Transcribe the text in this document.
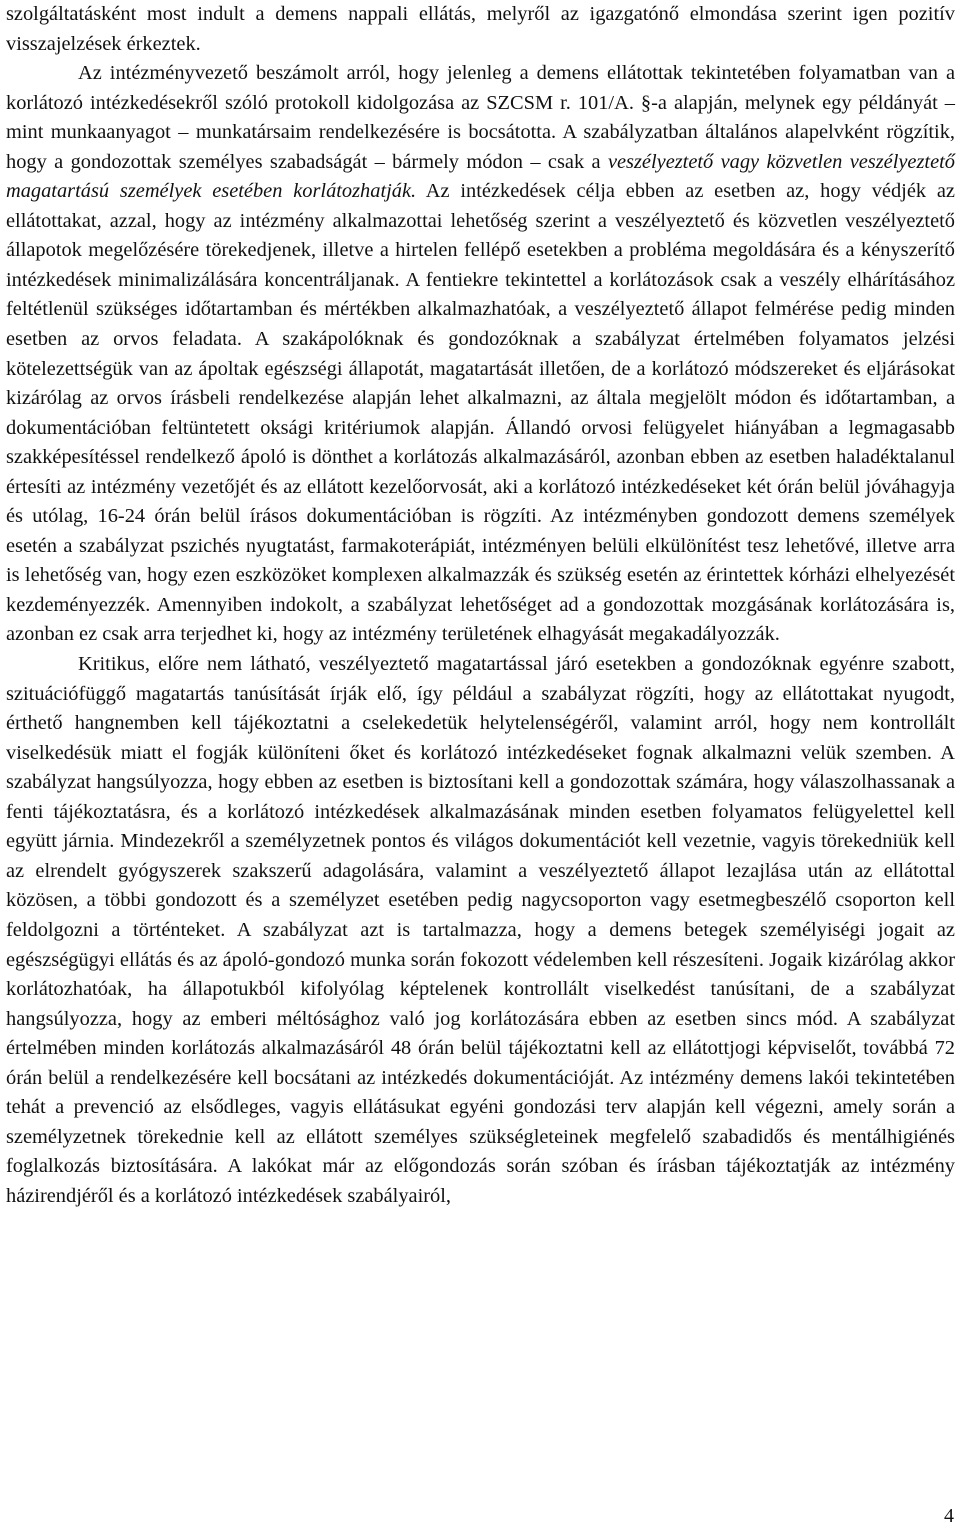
szolgáltatásként most indult a demens nappali ellátás, melyről az igazgatónő elmondása szerint igen pozitív visszajelzések érkeztek.

Az intézményvezető beszámolt arról, hogy jelenleg a demens ellátottak tekintetében folyamatban van a korlátozó intézkedésekről szóló protokoll kidolgozása az SZCSM r. 101/A. §-a alapján, melynek egy példányát – mint munkaanyagot – munkatársaim rendelkezésére is bocsátotta. A szabályzatban általános alapelvként rögzítik, hogy a gondozottak személyes szabadságát – bármely módon – csak a veszélyeztető vagy közvetlen veszélyeztető magatartású személyek esetében korlátozhatják. Az intézkedések célja ebben az esetben az, hogy védjék az ellátottakat, azzal, hogy az intézmény alkalmazottai lehetőség szerint a veszélyeztető és közvetlen veszélyeztető állapotok megelőzésére törekedjenek, illetve a hirtelen fellépő esetekben a probléma megoldására és a kényszerítő intézkedések minimalizálására koncentráljanak. A fentiekre tekintettel a korlátozások csak a veszély elhárításához feltétlenül szükséges időtartamban és mértékben alkalmazhatóak, a veszélyeztető állapot felmérése pedig minden esetben az orvos feladata. A szakápolóknak és gondozóknak a szabályzat értelmében folyamatos jelzési kötelezettségük van az ápoltak egészségi állapotát, magatartását illetően, de a korlátozó módszereket és eljárásokat kizárólag az orvos írásbeli rendelkezése alapján lehet alkalmazni, az általa megjelölt módon és időtartamban, a dokumentációban feltüntetett oksági kritériumok alapján. Állandó orvosi felügyelet hiányában a legmagasabb szakképesítéssel rendelkező ápoló is dönthet a korlátozás alkalmazásáról, azonban ebben az esetben haladéktalanul értesíti az intézmény vezetőjét és az ellátott kezelőorvosát, aki a korlátozó intézkedéseket két órán belül jóváhagyja és utólag, 16-24 órán belül írásos dokumentációban is rögzíti. Az intézményben gondozott demens személyek esetén a szabályzat pszichés nyugtatást, farmakoterápiát, intézményen belüli elkülönítést tesz lehetővé, illetve arra is lehetőség van, hogy ezen eszközöket komplexen alkalmazzák és szükség esetén az érintettek kórházi elhelyezését kezdeményezzék. Amennyiben indokolt, a szabályzat lehetőséget ad a gondozottak mozgásának korlátozására is, azonban ez csak arra terjedhet ki, hogy az intézmény területének elhagyását megakadályozzák.

Kritikus, előre nem látható, veszélyeztető magatartással járó esetekben a gondozóknak egyénre szabott, szituációfüggő magatartás tanúsítását írják elő, így például a szabályzat rögzíti, hogy az ellátottakat nyugodt, érthető hangnemben kell tájékoztatni a cselekedetük helytelenségéről, valamint arról, hogy nem kontrollált viselkedésük miatt el fogják különíteni őket és korlátozó intézkedéseket fognak alkalmazni velük szemben. A szabályzat hangsúlyozza, hogy ebben az esetben is biztosítani kell a gondozottak számára, hogy válaszolhassanak a fenti tájékoztatásra, és a korlátozó intézkedések alkalmazásának minden esetben folyamatos felügyelettel kell együtt járnia. Mindezekről a személyzetnek pontos és világos dokumentációt kell vezetnie, vagyis törekedniük kell az elrendelt gyógyszerek szakszerű adagolására, valamint a veszélyeztető állapot lezajlása után az ellátottal közösen, a többi gondozott és a személyzet esetében pedig nagycsoporton vagy esetmegbeszélő csoporton kell feldolgozni a történteket. A szabályzat azt is tartalmazza, hogy a demens betegek személyiségi jogait az egészségügyi ellátás és az ápoló-gondozó munka során fokozott védelemben kell részesíteni. Jogaik kizárólag akkor korlátozhatóak, ha állapotukból kifolyólag képtelenek kontrollált viselkedést tanúsítani, de a szabályzat hangsúlyozza, hogy az emberi méltósághoz való jog korlátozására ebben az esetben sincs mód. A szabályzat értelmében minden korlátozás alkalmazásáról 48 órán belül tájékoztatni kell az ellátottjogi képviselőt, továbbá 72 órán belül a rendelkezésére kell bocsátani az intézkedés dokumentációját. Az intézmény demens lakói tekintetében tehát a prevenció az elsődleges, vagyis ellátásukat egyéni gondozási terv alapján kell végezni, amely során a személyzetnek törekednie kell az ellátott személyes szükségleteinek megfelelő szabadidős és mentálhigiénés foglalkozás biztosítására. A lakókat már az előgondozás során szóban és írásban tájékoztatják az intézmény házirendjéről és a korlátozó intézkedések szabályairól,

4
